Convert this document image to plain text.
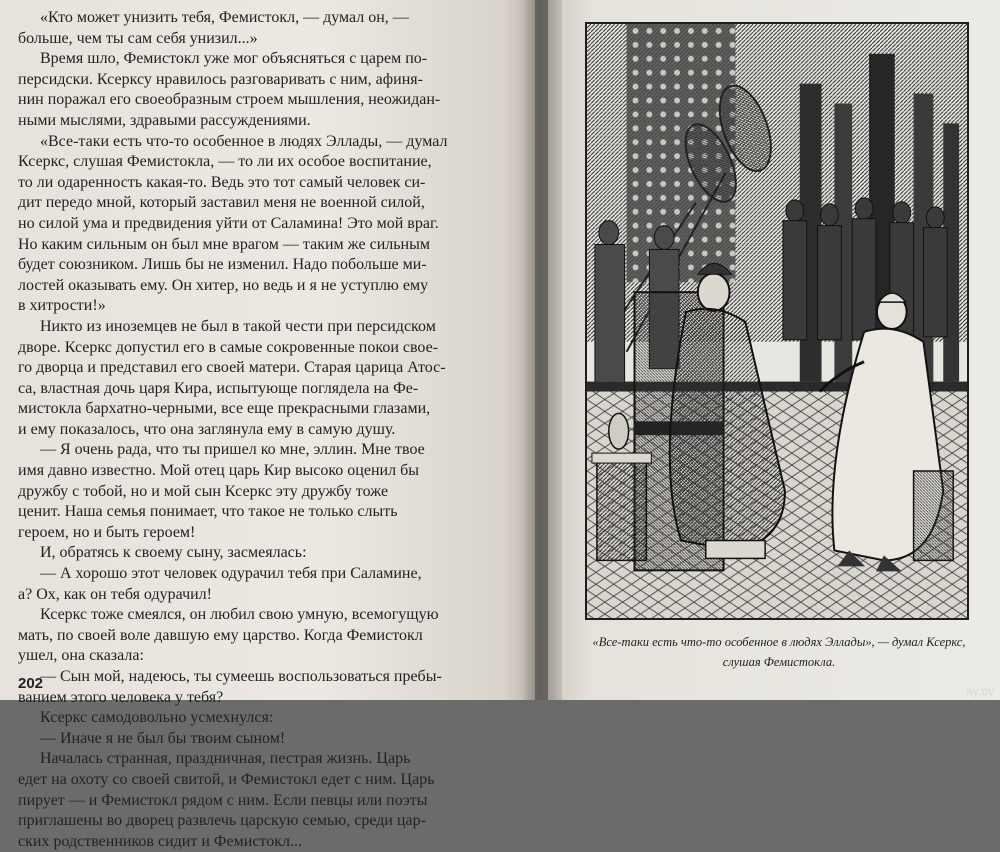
«Кто может унизить тебя, Фемистокл, — думал он, —
больше, чем ты сам себя унизил...»
Время шло, Фемистокл уже мог объясняться с царем по-
персидски. Ксерксу нравилось разговаривать с ним, афиня-
нин поражал его своеобразным строем мышления, неожидан-
ными мыслями, здравыми рассуждениями.
«Все-таки есть что-то особенное в людях Эллады, — думал
Ксеркс, слушая Фемистокла, — то ли их особое воспитание,
то ли одаренность какая-то. Ведь это тот самый человек си-
дит передо мной, который заставил меня не военной силой,
но силой ума и предвидения уйти от Саламина! Это мой враг.
Но каким сильным он был мне врагом — таким же сильным
будет союзником. Лишь бы не изменил. Надо побольше ми-
лостей оказывать ему. Он хитер, но ведь и я не уступлю ему
в хитрости!»
Никто из иноземцев не был в такой чести при персидском
дворе. Ксеркс допустил его в самые сокровенные покои свое-
го дворца и представил его своей матери. Старая царица Атос-
са, властная дочь царя Кира, испытующе поглядела на Фе-
мистокла бархатно-черными, все еще прекрасными глазами,
и ему показалось, что она заглянула ему в самую душу.
— Я очень рада, что ты пришел ко мне, эллин. Мне твое
имя давно известно. Мой отец царь Кир высоко оценил бы
дружбу с тобой, но и мой сын Ксеркс эту дружбу тоже
ценит. Наша семья понимает, что такое не только слыть
героем, но и быть героем!
И, обратясь к своему сыну, засмеялась:
— А хорошо этот человек одурачил тебя при Саламине,
а? Ох, как он тебя одурачил!
Ксеркс тоже смеялся, он любил свою умную, всемогущую
мать, по своей воле давшую ему царство. Когда Фемистокл
ушел, она сказала:
— Сын мой, надеюсь, ты сумеешь воспользоваться пребы-
ванием этого человека у тебя?
Ксеркс самодовольно усмехнулся:
— Иначе я не был бы твоим сыном!
Началась странная, праздничная, пестрая жизнь. Царь
едет на охоту со своей свитой, и Фемистокл едет с ним. Царь
пирует — и Фемистокл рядом с ним. Если певцы или поэты
приглашены во дворец развлечь царскую семью, среди цар-
ских родственников сидит и Фемистокл...
202
«Все-таки есть что-то особенное в людях Эллады», — думал Ксеркс,
слушая Фемистокла.
ay.by
